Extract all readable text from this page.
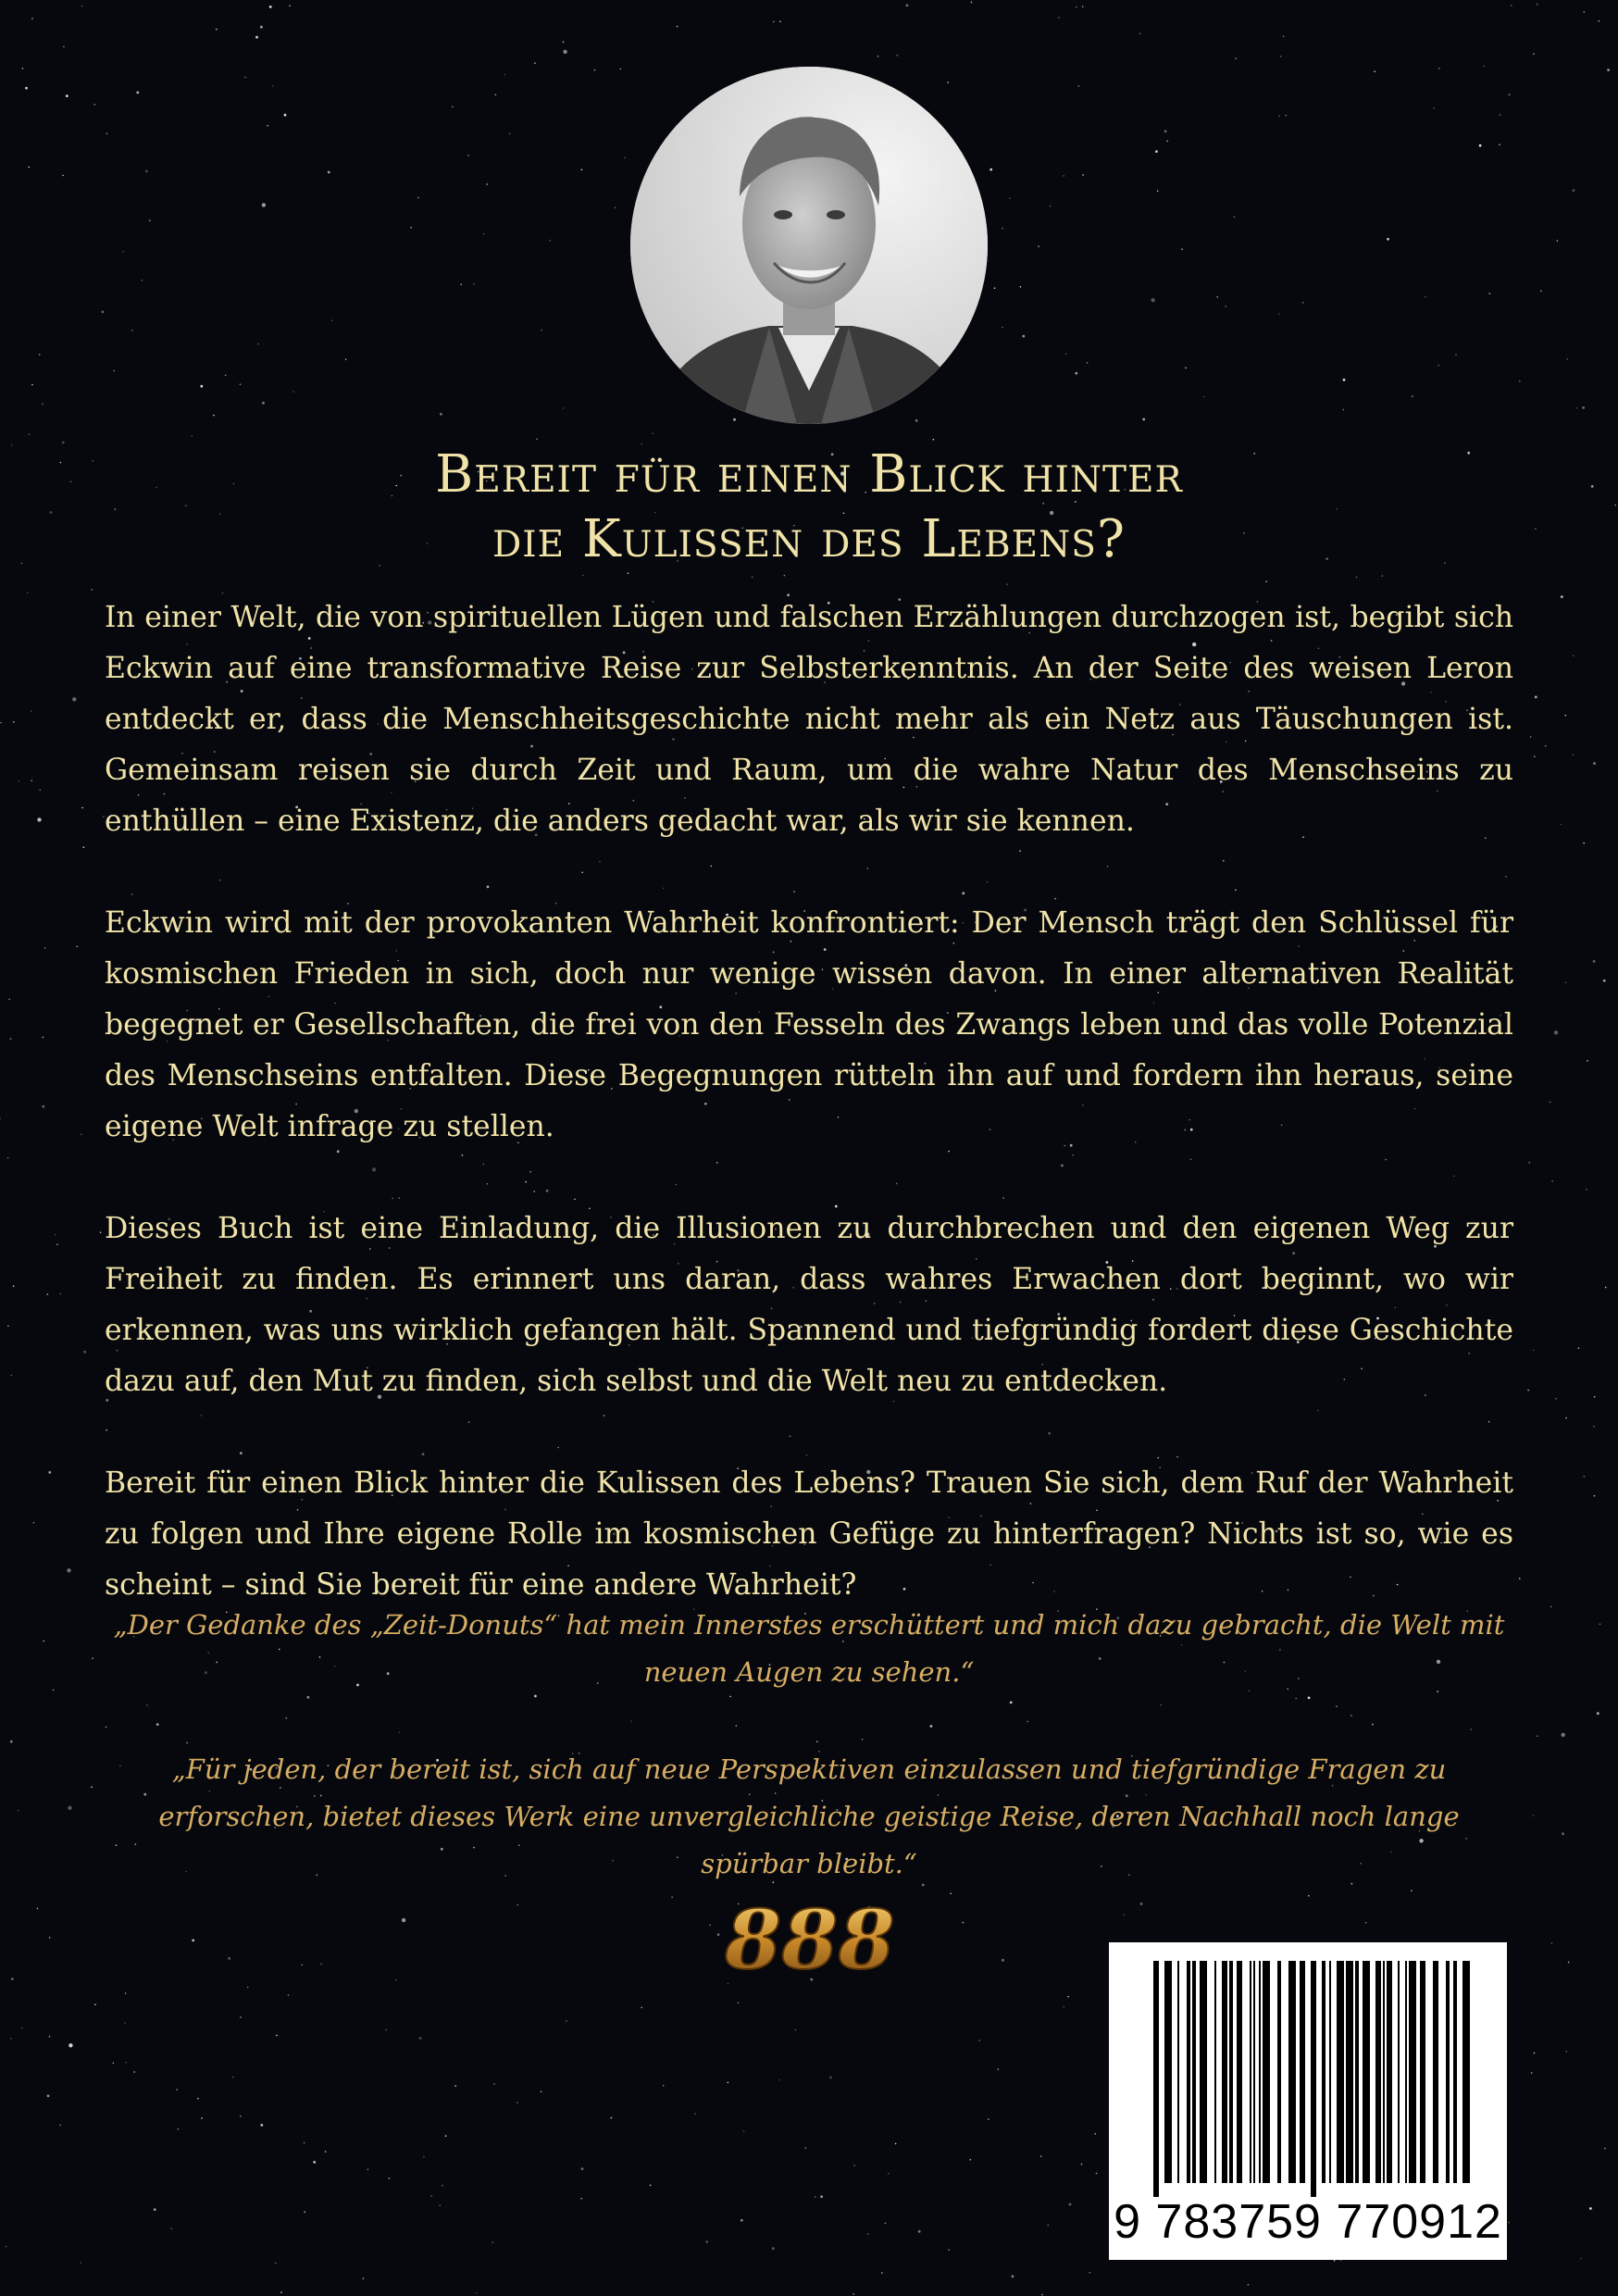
Bereit für einen Blick hinter
die Kulissen des Lebens?

In einer Welt, die von spirituellen Lügen und falschen Erzählungen durchzogen ist, begibt sich Eckwin auf eine transformative Reise zur Selbsterkenntnis. An der Seite des weisen Leron entdeckt er, dass die Menschheitsgeschichte nicht mehr als ein Netz aus Täuschungen ist. Gemeinsam reisen sie durch Zeit und Raum, um die wahre Natur des Menschseins zu enthüllen – eine Existenz, die anders gedacht war, als wir sie kennen.

Eckwin wird mit der provokanten Wahrheit konfrontiert: Der Mensch trägt den Schlüssel für kosmischen Frieden in sich, doch nur wenige wissen davon. In einer alternativen Realität begegnet er Gesellschaften, die frei von den Fesseln des Zwangs leben und das volle Potenzial des Menschseins entfalten. Diese Begegnungen rütteln ihn auf und fordern ihn heraus, seine eigene Welt infrage zu stellen.

Dieses Buch ist eine Einladung, die Illusionen zu durchbrechen und den eigenen Weg zur Freiheit zu finden. Es erinnert uns daran, dass wahres Erwachen dort beginnt, wo wir erkennen, was uns wirklich gefangen hält. Spannend und tiefgründig fordert diese Geschichte dazu auf, den Mut zu finden, sich selbst und die Welt neu zu entdecken.

Bereit für einen Blick hinter die Kulissen des Lebens? Trauen Sie sich, dem Ruf der Wahrheit zu folgen und Ihre eigene Rolle im kosmischen Gefüge zu hinterfragen? Nichts ist so, wie es scheint – sind Sie bereit für eine andere Wahrheit?

„Der Gedanke des „Zeit-Donuts“ hat mein Innerstes erschüttert und mich dazu gebracht, die Welt mit neuen Augen zu sehen.“

„Für jeden, der bereit ist, sich auf neue Perspektiven einzulassen und tiefgründige Fragen zu erforschen, bietet dieses Werk eine unvergleichliche geistige Reise, deren Nachhall noch lange spürbar bleibt.“

888
9 783759 770912
